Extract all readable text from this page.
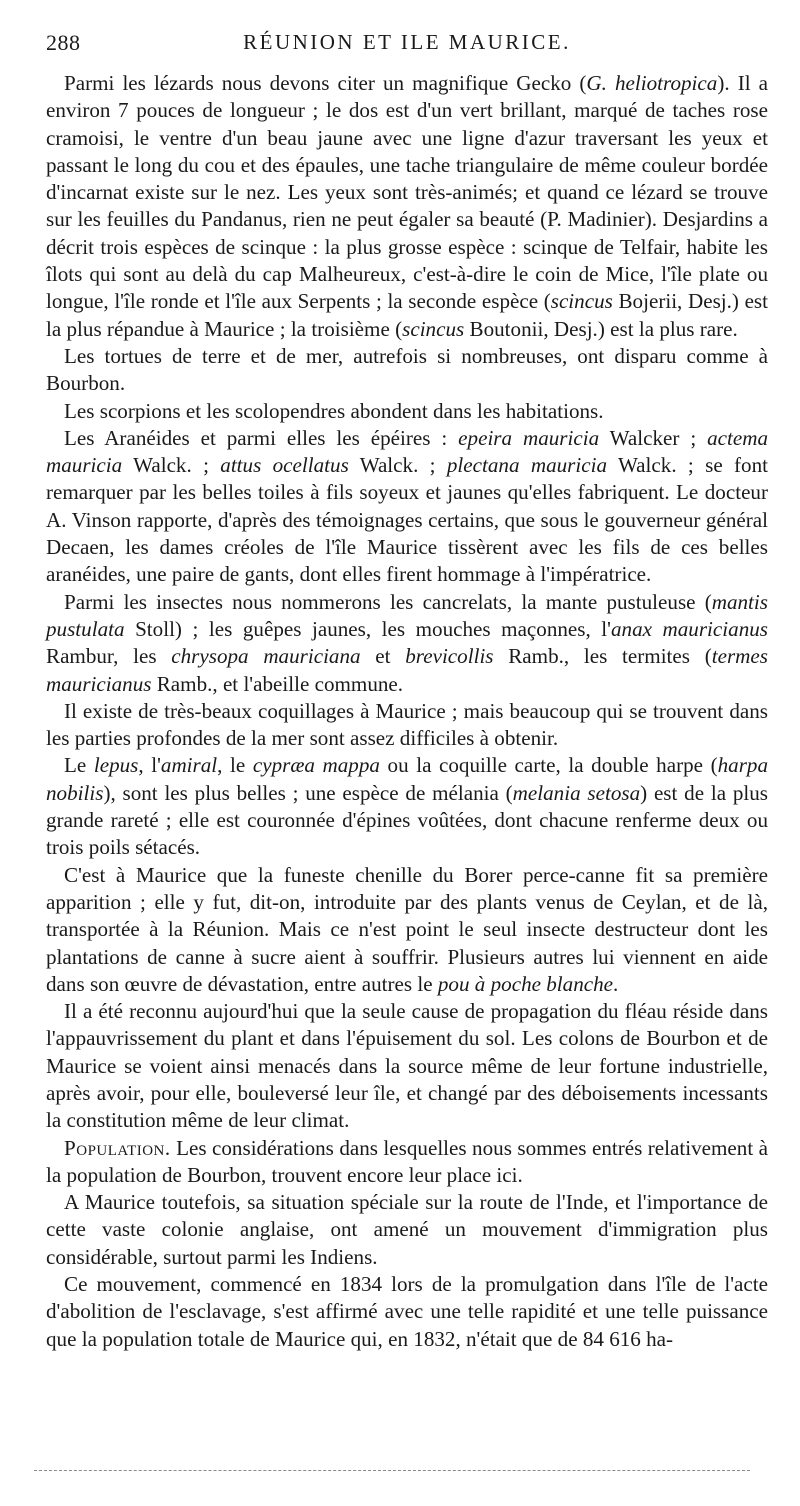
288	RÉUNION ET ILE MAURICE.

Parmi les lézards nous devons citer un magnifique Gecko (G. heliotropica). Il a environ 7 pouces de longueur ; le dos est d'un vert brillant, marqué de taches rose cramoisi, le ventre d'un beau jaune avec une ligne d'azur traversant les yeux et passant le long du cou et des épaules, une tache triangulaire de même couleur bordée d'incarnat existe sur le nez. Les yeux sont très-animés; et quand ce lézard se trouve sur les feuilles du Pandanus, rien ne peut égaler sa beauté (P. Madinier). Desjardins a décrit trois espèces de scinque : la plus grosse espèce : scinque de Telfair, habite les îlots qui sont au delà du cap Malheureux, c'est-à-dire le coin de Mice, l'île plate ou longue, l'île ronde et l'île aux Serpents ; la seconde espèce (scincus Bojerii, Desj.) est la plus répandue à Maurice ; la troisième (scincus Boutonii, Desj.) est la plus rare.

Les tortues de terre et de mer, autrefois si nombreuses, ont disparu comme à Bourbon.

Les scorpions et les scolopendres abondent dans les habitations.

Les Aranéides et parmi elles les épéires : epeira mauricia Walcker ; actema mauricia Walck. ; attus ocellatus Walck. ; plectana mauricia Walck. ; se font remarquer par les belles toiles à fils soyeux et jaunes qu'elles fabriquent. Le docteur A. Vinson rapporte, d'après des témoignages certains, que sous le gouverneur général Decaen, les dames créoles de l'île Maurice tissèrent avec les fils de ces belles aranéides, une paire de gants, dont elles firent hommage à l'impératrice.

Parmi les insectes nous nommerons les cancrelats, la mante pustuleuse (mantis pustulata Stoll) ; les guêpes jaunes, les mouches maçonnes, l'anax mauricianus Rambur, les chrysopa mauriciana et brevicollis Ramb., les termites (termes mauricianus Ramb., et l'abeille commune.

Il existe de très-beaux coquillages à Maurice ; mais beaucoup qui se trouvent dans les parties profondes de la mer sont assez difficiles à obtenir.

Le lepus, l'amiral, le cypræa mappa ou la coquille carte, la double harpe (harpa nobilis), sont les plus belles ; une espèce de mélania (melania setosa) est de la plus grande rareté ; elle est couronnée d'épines voûtées, dont chacune renferme deux ou trois poils sétacés.

C'est à Maurice que la funeste chenille du Borer perce-canne fit sa première apparition ; elle y fut, dit-on, introduite par des plants venus de Ceylan, et de là, transportée à la Réunion. Mais ce n'est point le seul insecte destructeur dont les plantations de canne à sucre aient à souffrir. Plusieurs autres lui viennent en aide dans son œuvre de dévastation, entre autres le pou à poche blanche.

Il a été reconnu aujourd'hui que la seule cause de propagation du fléau réside dans l'appauvrissement du plant et dans l'épuisement du sol. Les colons de Bourbon et de Maurice se voient ainsi menacés dans la source même de leur fortune industrielle, après avoir, pour elle, bouleversé leur île, et changé par des déboisements incessants la constitution même de leur climat.

Population. Les considérations dans lesquelles nous sommes entrés relativement à la population de Bourbon, trouvent encore leur place ici.

A Maurice toutefois, sa situation spéciale sur la route de l'Inde, et l'importance de cette vaste colonie anglaise, ont amené un mouvement d'immigration plus considérable, surtout parmi les Indiens.

Ce mouvement, commencé en 1834 lors de la promulgation dans l'île de l'acte d'abolition de l'esclavage, s'est affirmé avec une telle rapidité et une telle puissance que la population totale de Maurice qui, en 1832, n'était que de 84 616 ha-
